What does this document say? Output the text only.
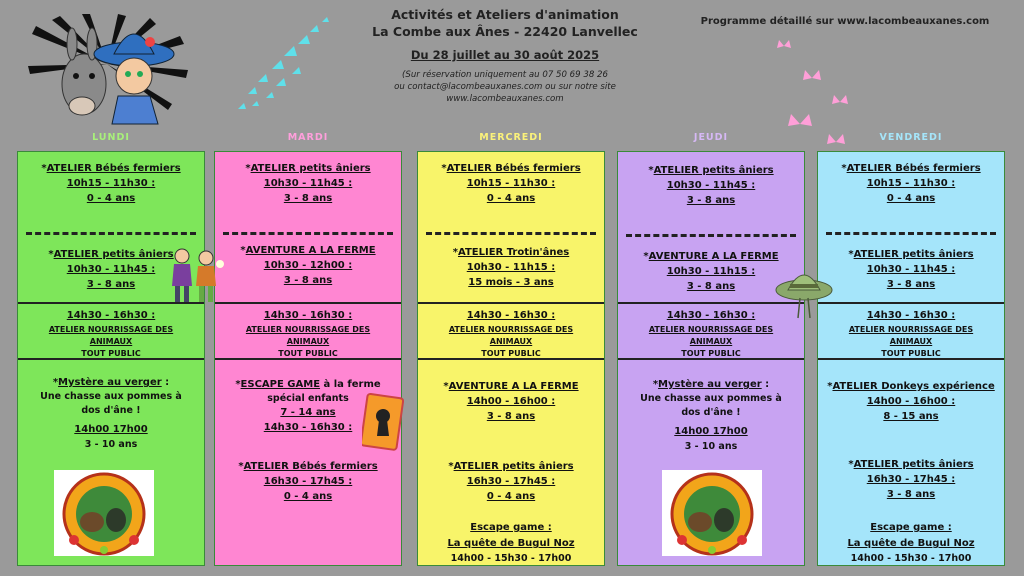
Activités et Ateliers d'animation
La Combe aux Ânes - 22420 Lanvellec
Du 28 juillet au 30 août 2025
(Sur réservation uniquement au 07 50 69 38 26
ou contact@lacombeauxanes.com ou sur notre site
www.lacombeauxanes.com
Programme détaillé sur www.lacombeauxanes.com
LUNDI	MARDI	MERCREDI	JEUDI	VENDREDI
*ATELIER Bébés fermiers
10h15 - 11h30 :
0 - 4 ans
*ATELIER petits âniers
10h30 - 11h45 :
3 - 8 ans
14h30 - 16h30 :
ATELIER NOURRISSAGE DES
ANIMAUX
TOUT PUBLIC
*Mystère au verger :
Une chasse aux pommes à
dos d'âne !
14h00 17h00
3 - 10 ans
*ATELIER petits âniers
10h30 - 11h45 :
3 - 8 ans
*AVENTURE A LA FERME
10h30 - 12h00 :
3 - 8 ans
14h30 - 16h30 :
ATELIER NOURRISSAGE DES
ANIMAUX
TOUT PUBLIC
*ESCAPE GAME à la ferme
spécial enfants
7 - 14 ans
14h30 - 16h30 :
*ATELIER Bébés fermiers
16h30 - 17h45 :
0 - 4 ans
*ATELIER Bébés fermiers
10h15 - 11h30 :
0 - 4 ans
*ATELIER Trotin'ânes
10h30 - 11h15 :
15 mois - 3 ans
14h30 - 16h30 :
ATELIER NOURRISSAGE DES
ANIMAUX
TOUT PUBLIC
*AVENTURE A LA FERME
14h00 - 16h00 :
3 - 8 ans
*ATELIER petits âniers
16h30 - 17h45 :
0 - 4 ans
Escape game :
La quête de Bugul Noz
14h00 - 15h30 - 17h00
*ATELIER petits âniers
10h30 - 11h45 :
3 - 8 ans
*AVENTURE A LA FERME
10h30 - 11h15 :
3 - 8 ans
14h30 - 16h30 :
ATELIER NOURRISSAGE DES
ANIMAUX
TOUT PUBLIC
*Mystère au verger :
Une chasse aux pommes à
dos d'âne !
14h00 17h00
3 - 10 ans
*ATELIER Bébés fermiers
10h15 - 11h30 :
0 - 4 ans
*ATELIER petits âniers
10h30 - 11h45 :
3 - 8 ans
14h30 - 16h30 :
ATELIER NOURRISSAGE DES
ANIMAUX
TOUT PUBLIC
*ATELIER Donkeys expérience
14h00 - 16h00 :
8 - 15 ans
*ATELIER petits âniers
16h30 - 17h45 :
3 - 8 ans
Escape game :
La quête de Bugul Noz
14h00 - 15h30 - 17h00
